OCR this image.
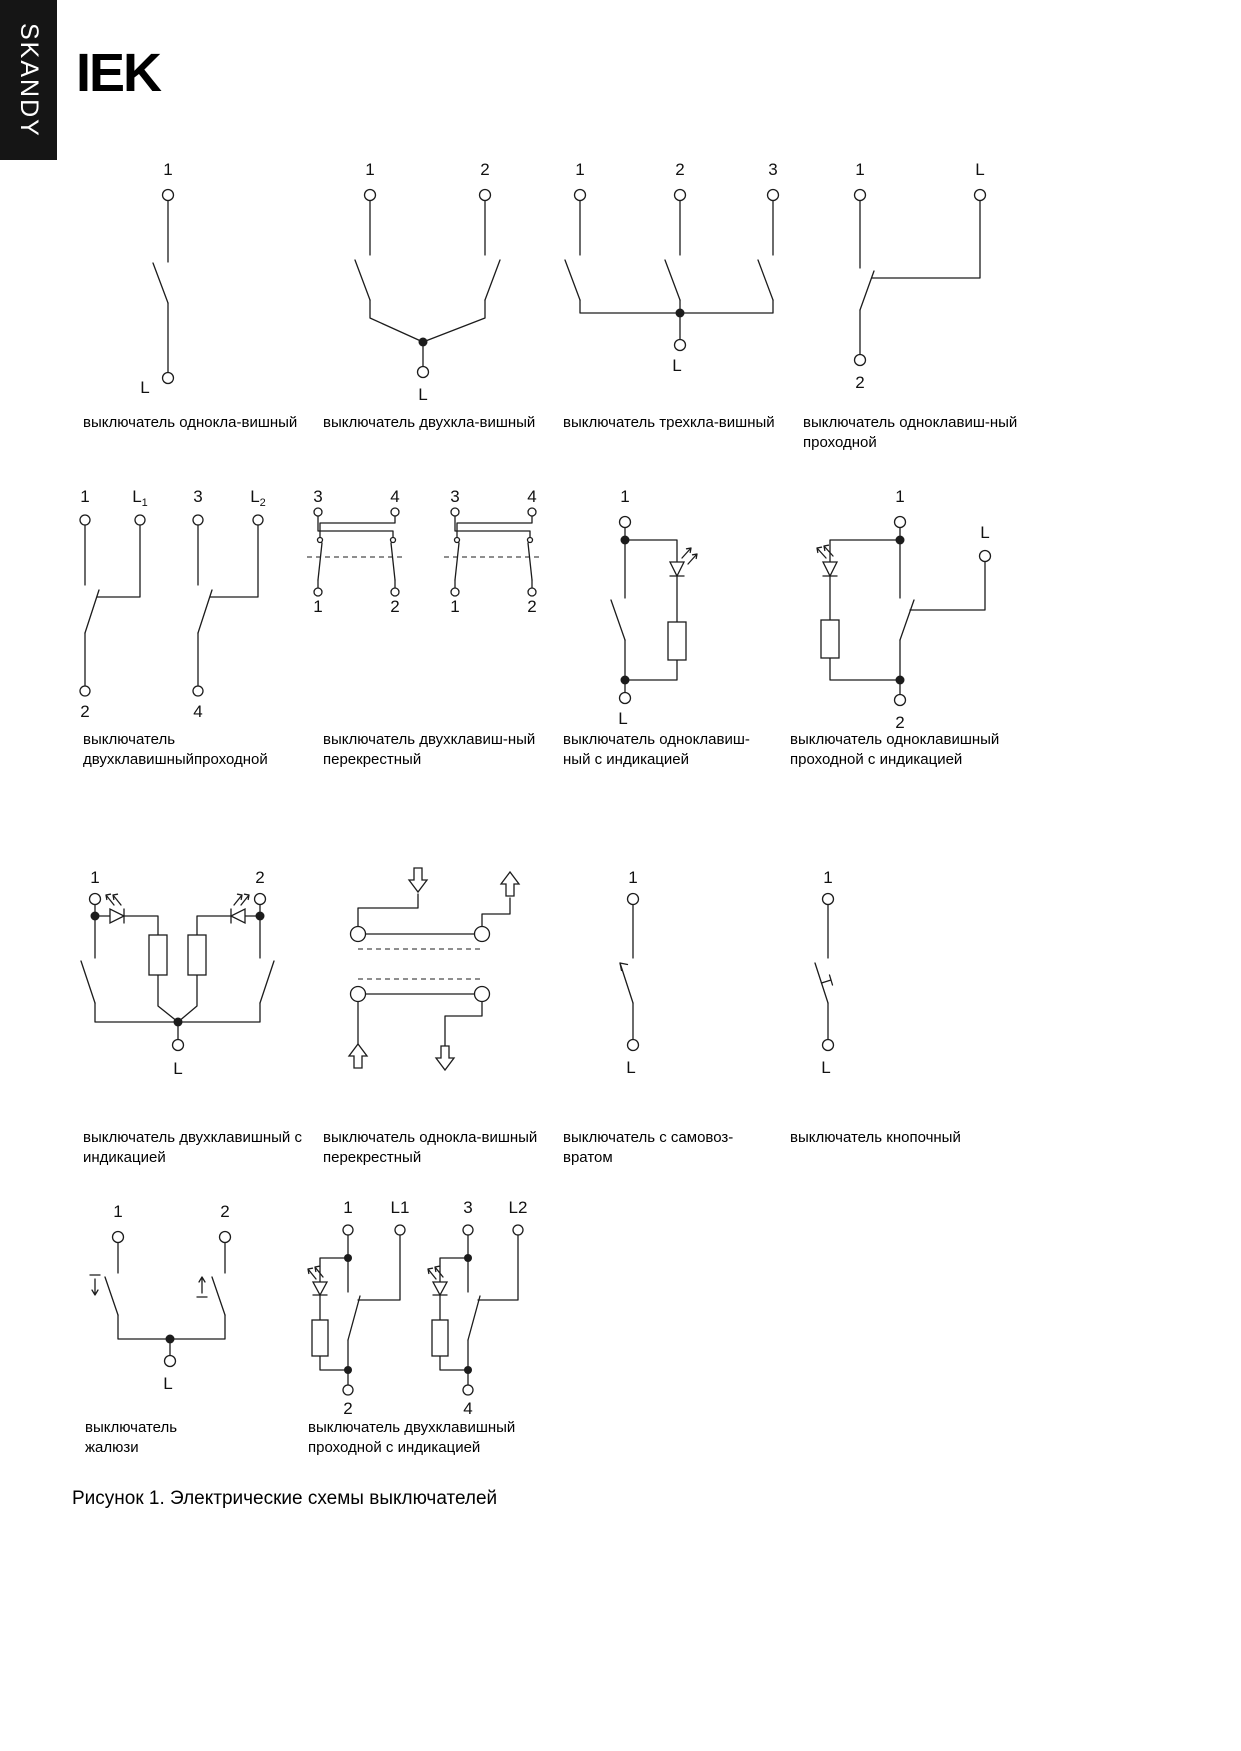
SKANDY IEK
1
L
1	2
L
1	2	3
L
1	L
2
1 $L_1$	3	$L_2$
2	4
3	4
1	2
3	4
1	2
1
L
1
L
2
1	2
L
1
L
1
L
1	2
L
1 L1
2
3 L2
4
выключатель однокла-вишный выключатель двухкла-вишный выключатель трехкла-вишный выключатель одноклавиш-ный
проходной
выключатель
двухклавишныйпроходной
выключатель двухклавиш-ный
перекрестный
выключатель одноклавиш-
ный с индикацией
выключатель одноклавишный
проходной с индикацией
выключатель двухклавишный с
индикацией
выключатель однокла-вишный
перекрестный
выключатель с самовоз-
вратом
выключатель кнопочный
выключатель
жалюзи
выключатель двухклавишный
проходной с индикацией
Рисунок 1. Электрические схемы выключателей
